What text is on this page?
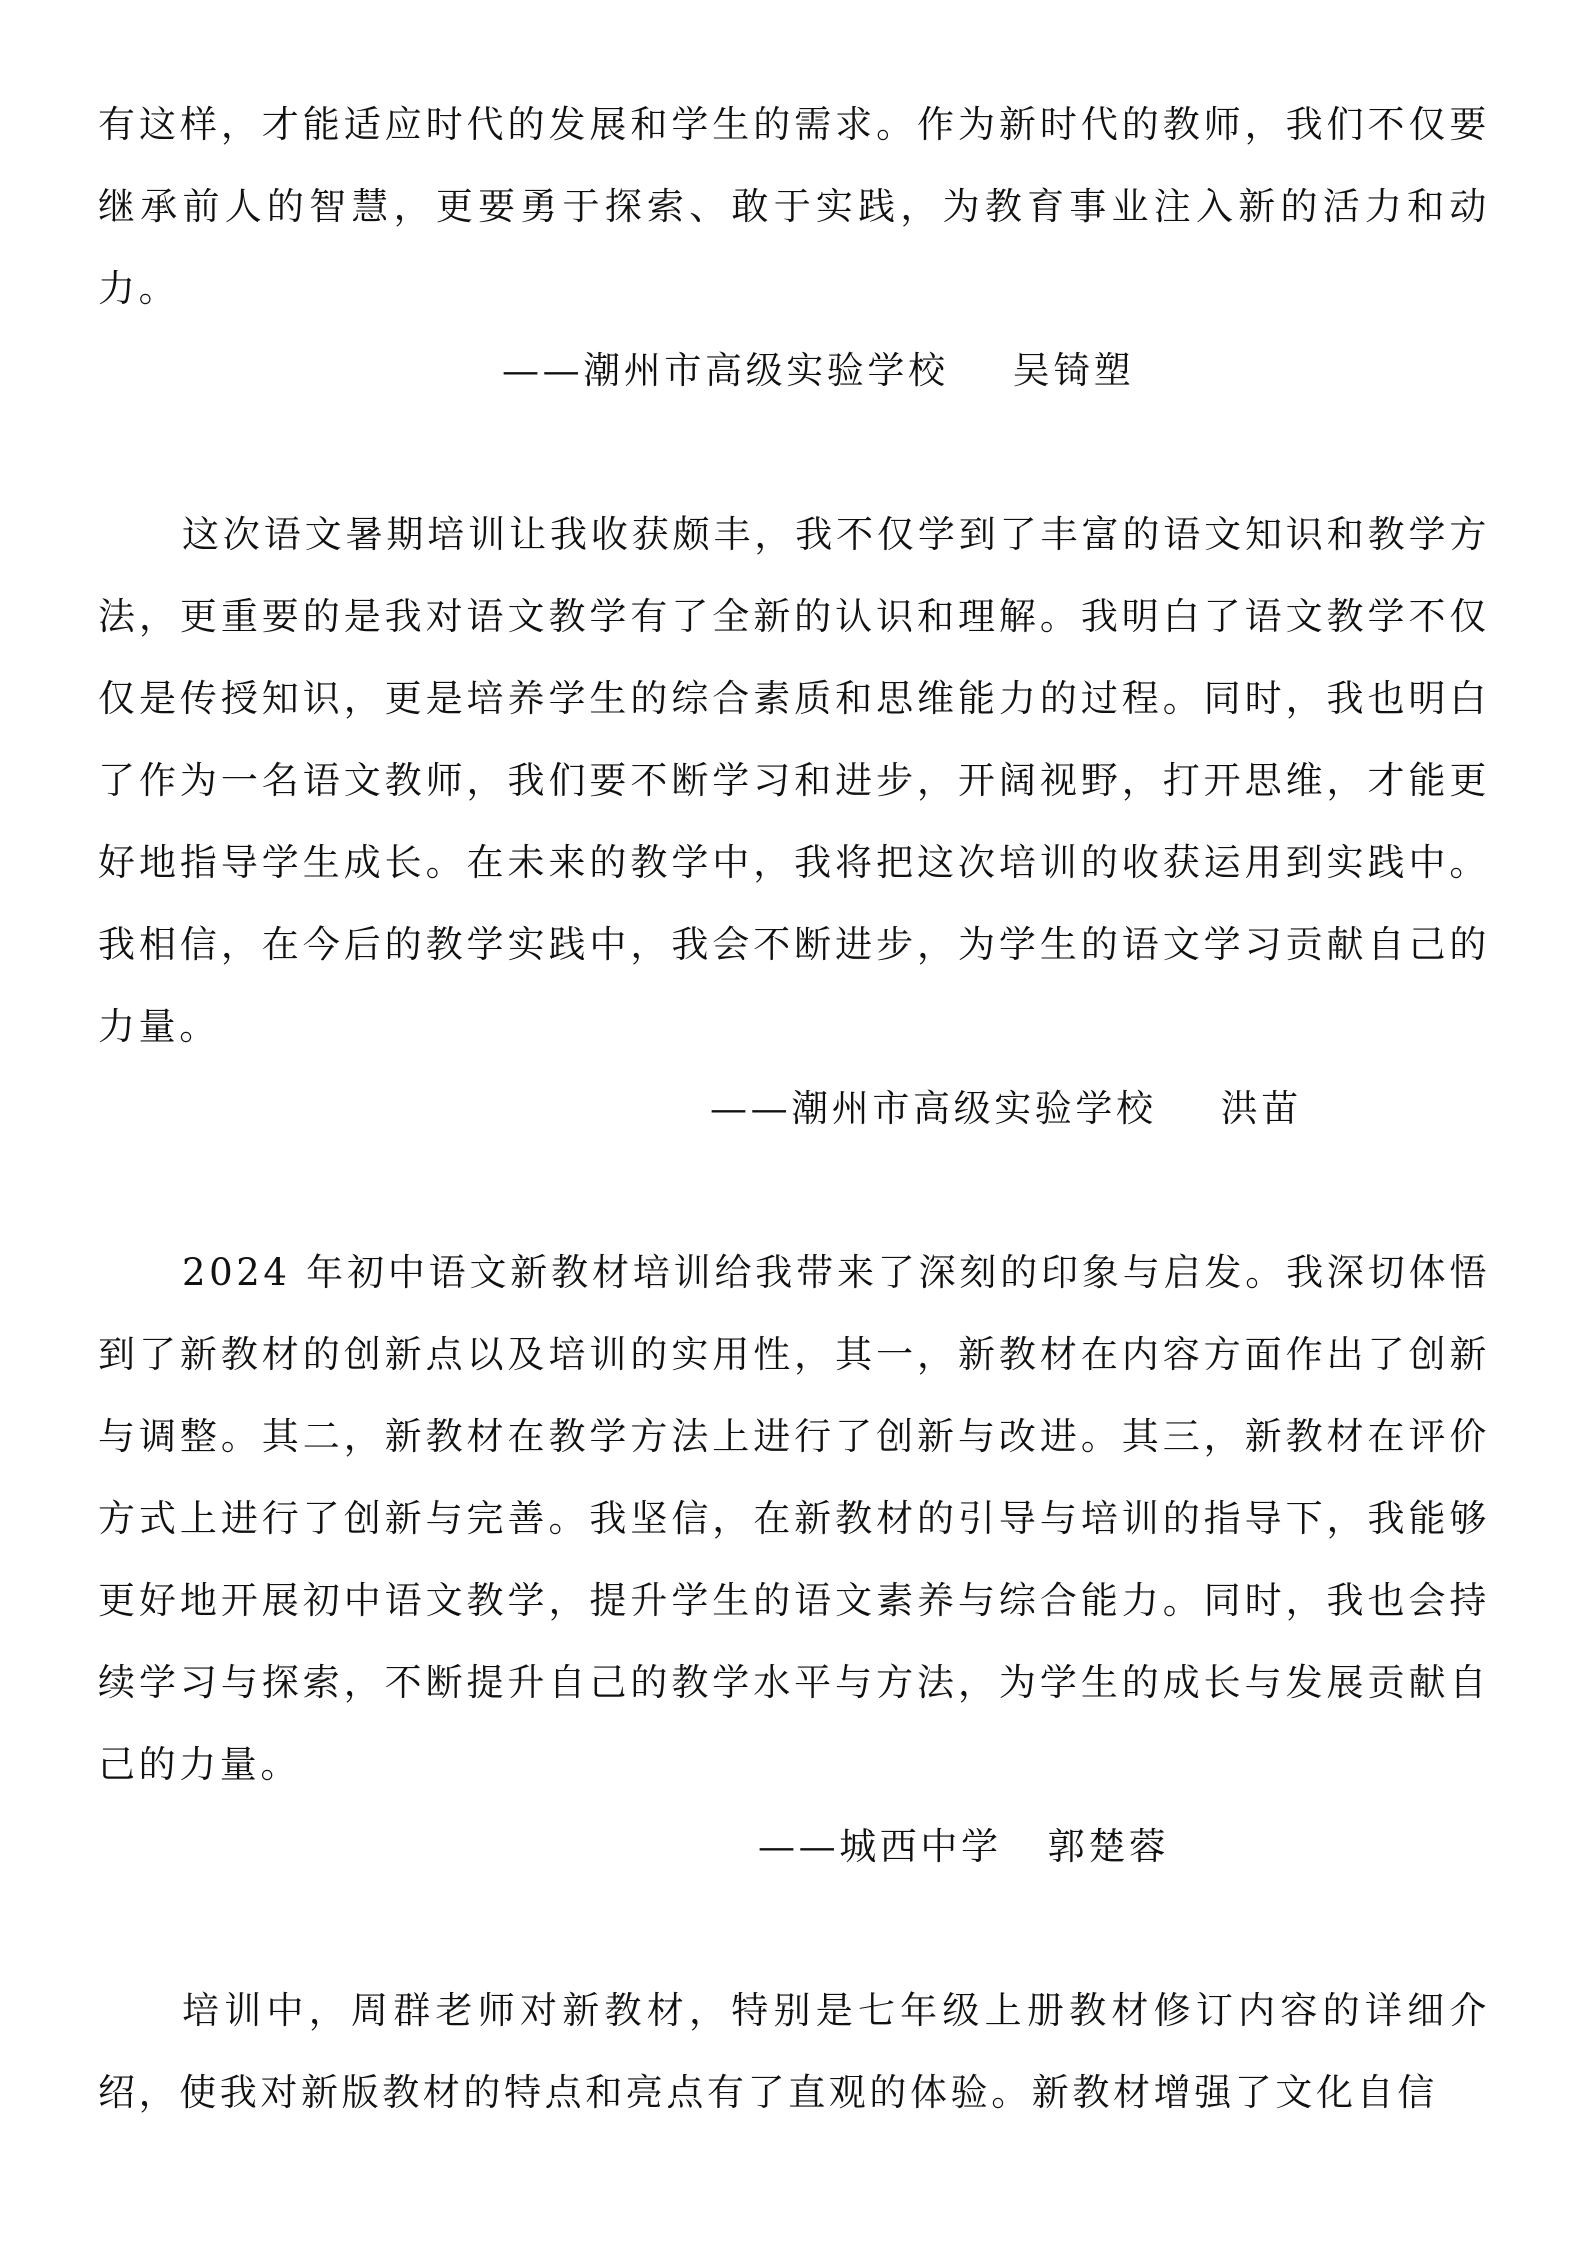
有这样，才能适应时代的发展和学生的需求。作为新时代的教师，我们不仅要继承前人的智慧，更要勇于探索、敢于实践，为教育事业注入新的活力和动力。

——潮州市高级实验学校 吴锜塑

这次语文暑期培训让我收获颇丰，我不仅学到了丰富的语文知识和教学方法，更重要的是我对语文教学有了全新的认识和理解。我明白了语文教学不仅仅是传授知识，更是培养学生的综合素质和思维能力的过程。同时，我也明白了作为一名语文教师，我们要不断学习和进步，开阔视野，打开思维，才能更好地指导学生成长。在未来的教学中，我将把这次培训的收获运用到实践中。我相信，在今后的教学实践中，我会不断进步，为学生的语文学习贡献自己的力量。

——潮州市高级实验学校 洪苗

2024 年初中语文新教材培训给我带来了深刻的印象与启发。我深切体悟到了新教材的创新点以及培训的实用性，其一，新教材在内容方面作出了创新与调整。其二，新教材在教学方法上进行了创新与改进。其三，新教材在评价方式上进行了创新与完善。我坚信，在新教材的引导与培训的指导下，我能够更好地开展初中语文教学，提升学生的语文素养与综合能力。同时，我也会持续学习与探索，不断提升自己的教学水平与方法，为学生的成长与发展贡献自己的力量。

——城西中学 郭楚蓉

培训中，周群老师对新教材，特别是七年级上册教材修订内容的详细介绍，使我对新版教材的特点和亮点有了直观的体验。新教材增强了文化自信
